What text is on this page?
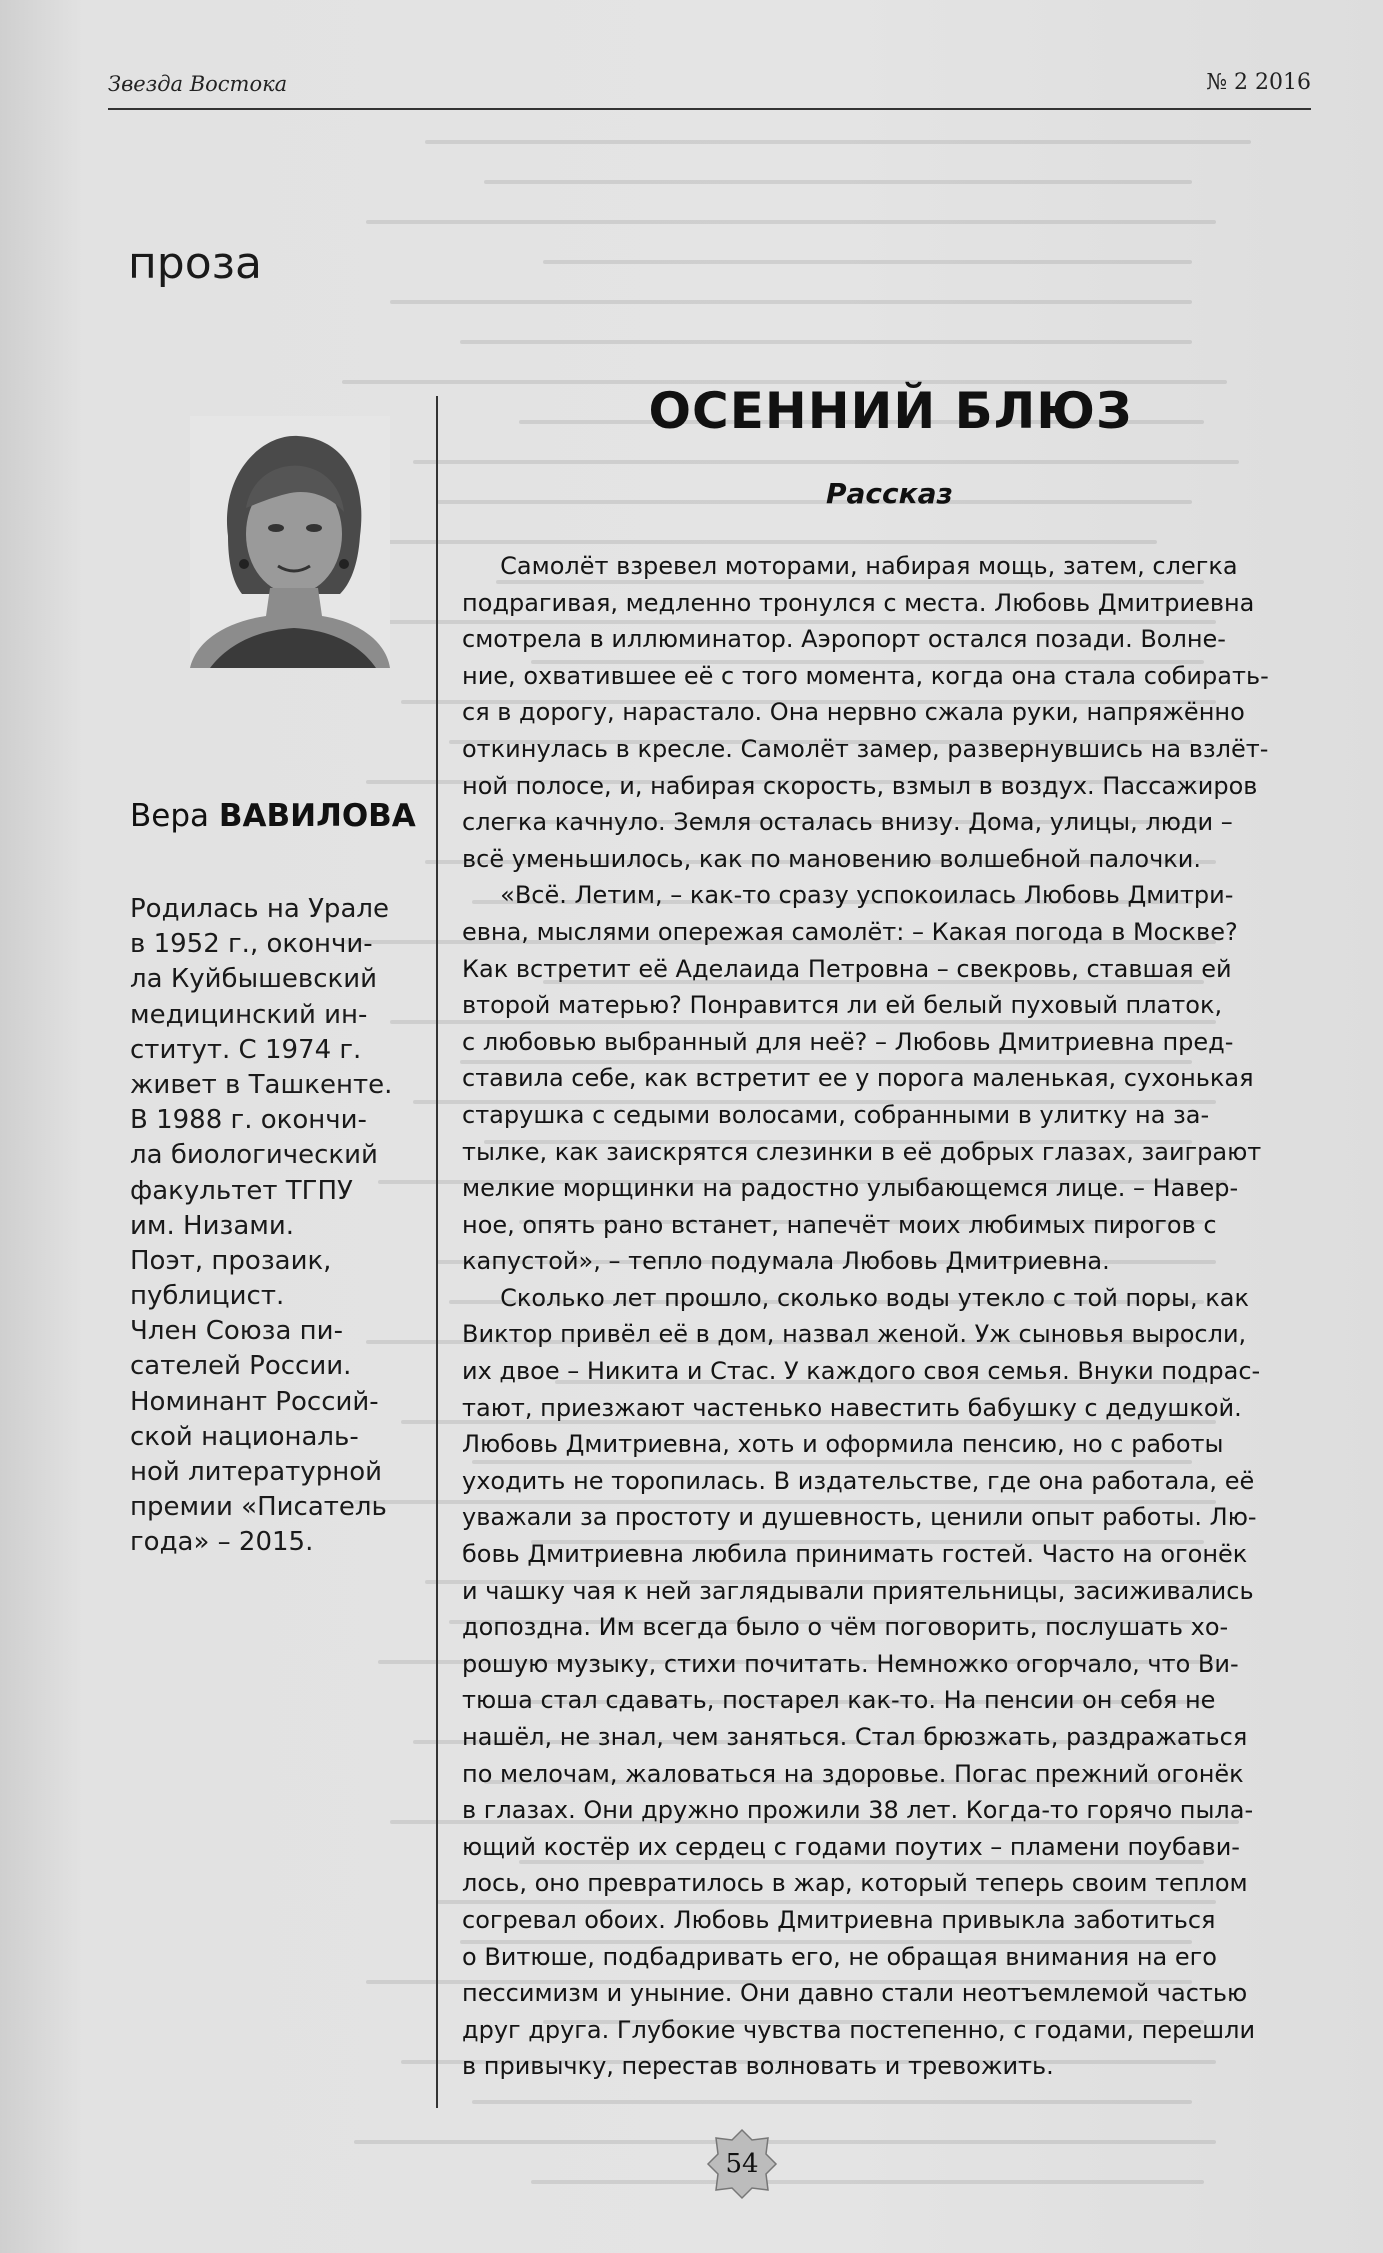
Звезда Востока	№ 2 2016
проза
Вера ВАВИЛОВА
Родилась на Урале
в 1952 г., окончи-
ла Куйбышевский
медицинский ин-
ститут. С 1974 г.
живет в Ташкенте.
В 1988 г. окончи-
ла биологический
факультет ТГПУ
им. Низами.
Поэт, прозаик,
публицист.
Член Союза пи-
сателей России.
Номинант Россий-
ской националь-
ной литературной
премии «Писатель
года» – 2015.
ОСЕННИЙ БЛЮЗ
Рассказ
Самолёт взревел моторами, набирая мощь, затем, слегка
подрагивая, медленно тронулся с места. Любовь Дмитриевна
смотрела в иллюминатор. Аэропорт остался позади. Волне-
ние, охватившее её с того момента, когда она стала собирать-
ся в дорогу, нарастало. Она нервно сжала руки, напряжённо
откинулась в кресле. Самолёт замер, развернувшись на взлёт-
ной полосе, и, набирая скорость, взмыл в воздух. Пассажиров
слегка качнуло. Земля осталась внизу. Дома, улицы, люди –
всё уменьшилось, как по мановению волшебной палочки.
«Всё. Летим, – как-то сразу успокоилась Любовь Дмитри-
евна, мыслями опережая самолёт: – Какая погода в Москве?
Как встретит её Аделаида Петровна – свекровь, ставшая ей
второй матерью? Понравится ли ей белый пуховый платок,
с любовью выбранный для неё? – Любовь Дмитриевна пред-
ставила себе, как встретит ее у порога маленькая, сухонькая
старушка с седыми волосами, собранными в улитку на за-
тылке, как заискрятся слезинки в её добрых глазах, заиграют
мелкие морщинки на радостно улыбающемся лице. – Навер-
ное, опять рано встанет, напечёт моих любимых пирогов с
капустой», – тепло подумала Любовь Дмитриевна.
Сколько лет прошло, сколько воды утекло с той поры, как
Виктор привёл её в дом, назвал женой. Уж сыновья выросли,
их двое – Никита и Стас. У каждого своя семья. Внуки подрас-
тают, приезжают частенько навестить бабушку с дедушкой.
Любовь Дмитриевна, хоть и оформила пенсию, но с работы
уходить не торопилась. В издательстве, где она работала, её
уважали за простоту и душевность, ценили опыт работы. Лю-
бовь Дмитриевна любила принимать гостей. Часто на огонёк
и чашку чая к ней заглядывали приятельницы, засиживались
допоздна. Им всегда было о чём поговорить, послушать хо-
рошую музыку, стихи почитать. Немножко огорчало, что Ви-
тюша стал сдавать, постарел как-то. На пенсии он себя не
нашёл, не знал, чем заняться. Стал брюзжать, раздражаться
по мелочам, жаловаться на здоровье. Погас прежний огонёк
в глазах. Они дружно прожили 38 лет. Когда-то горячо пыла-
ющий костёр их сердец с годами поутих – пламени поубави-
лось, оно превратилось в жар, который теперь своим теплом
согревал обоих. Любовь Дмитриевна привыкла заботиться
о Витюше, подбадривать его, не обращая внимания на его
пессимизм и уныние. Они давно стали неотъемлемой частью
друг друга. Глубокие чувства постепенно, с годами, перешли
в привычку, перестав волновать и тревожить.
54
